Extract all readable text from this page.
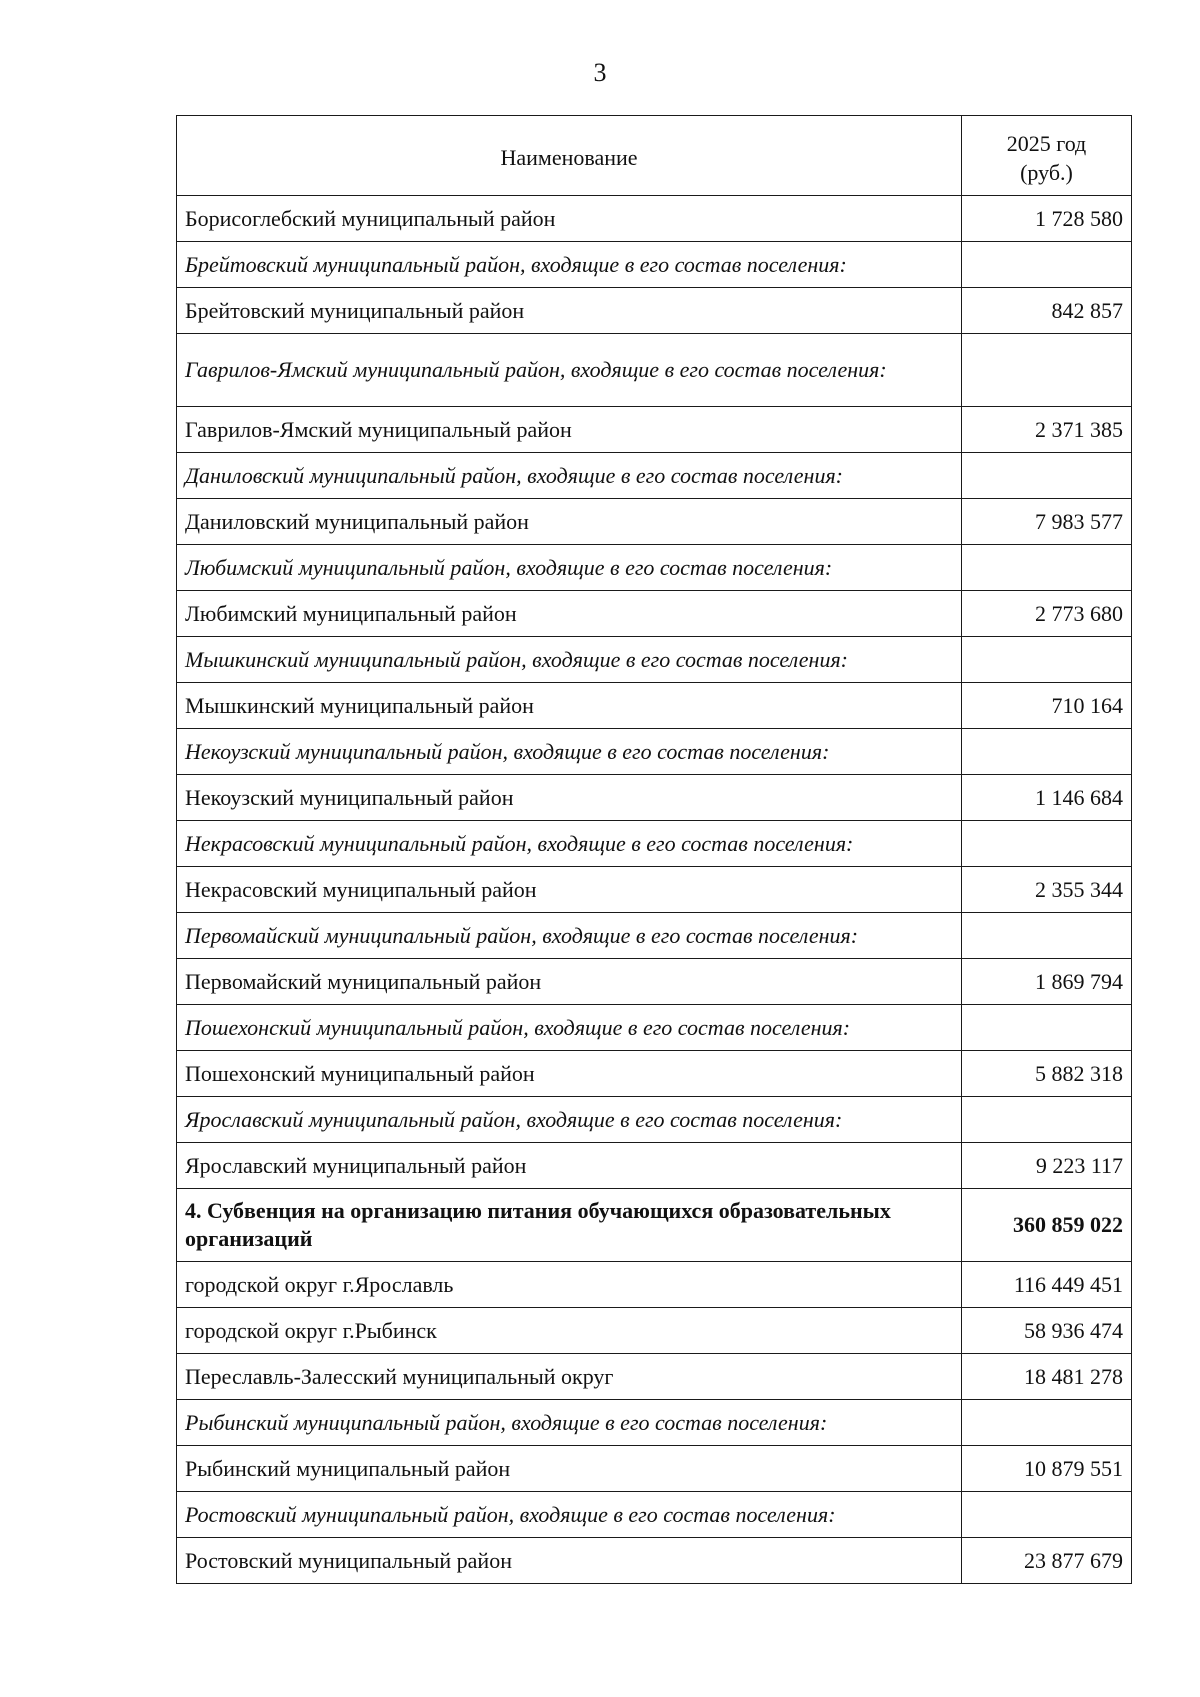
3
Наименование	2025 год
(руб.)
Борисоглебский муниципальный район	1 728 580
Брейтовский муниципальный район, входящие в его состав поселения:	
Брейтовский муниципальный район	842 857
Гаврилов-Ямский муниципальный район, входящие в его состав поселения:	
Гаврилов-Ямский муниципальный район	2 371 385
Даниловский муниципальный район, входящие в его состав поселения:	
Даниловский муниципальный район	7 983 577
Любимский муниципальный район, входящие в его состав поселения:	
Любимский муниципальный район	2 773 680
Мышкинский муниципальный район, входящие в его состав поселения:	
Мышкинский муниципальный район	710 164
Некоузский муниципальный район, входящие в его состав поселения:	
Некоузский муниципальный район	1 146 684
Некрасовский муниципальный район, входящие в его состав поселения:	
Некрасовский муниципальный район	2 355 344
Первомайский муниципальный район, входящие в его состав поселения:	
Первомайский муниципальный район	1 869 794
Пошехонский муниципальный район, входящие в его состав поселения:	
Пошехонский муниципальный район	5 882 318
Ярославский муниципальный район, входящие в его состав поселения:	
Ярославский муниципальный район	9 223 117
4. Субвенция на организацию питания обучающихся образовательных организаций	360 859 022
городской округ г.Ярославль	116 449 451
городской округ г.Рыбинск	58 936 474
Переславль-Залесский муниципальный округ	18 481 278
Рыбинский муниципальный район, входящие в его состав поселения:	
Рыбинский муниципальный район	10 879 551
Ростовский муниципальный район, входящие в его состав поселения:	
Ростовский муниципальный район	23 877 679
